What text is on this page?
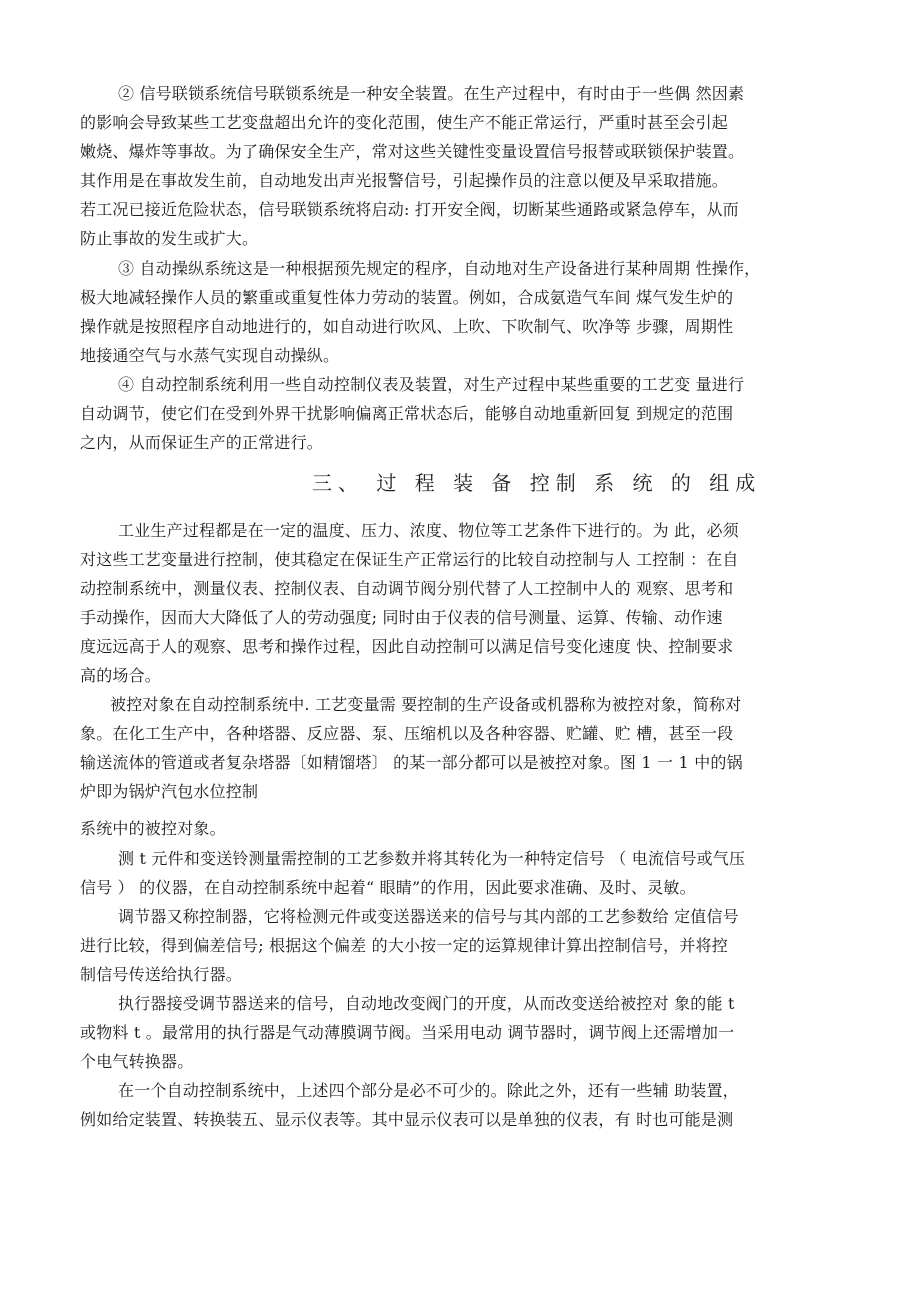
② 信号联锁系统信号联锁系统是一种安全装置。在生产过程中，有时由于一些偶 然因素
的影响会导致某些工艺变盘超出允许的变化范围，使生产不能正常运行，严重时甚至会引起
嫩烧、爆炸等事故。为了确保安全生产，常对这些关键性变量设置信号报替或联锁保护装置。
其作用是在事故发生前，自动地发出声光报警信号，引起操作员的注意以便及早采取措施。
若工况已接近危险状态，信号联锁系统将启动: 打开安全阀，切断某些通路或紧急停车，从而
防止事故的发生或扩大。
③ 自动操纵系统这是一种根据预先规定的程序，自动地对生产设备进行某种周期 性操作，
极大地减轻操作人员的繁重或重复性体力劳动的装置。例如，合成氨造气车间 煤气发生炉的
操作就是按照程序自动地进行的，如自动进行吹风、上吹、下吹制气、吹净等 步骤，周期性
地接通空气与水蒸气实现自动操纵。
④ 自动控制系统利用一些自动控制仪表及装置，对生产过程中某些重要的工艺变 量进行
自动调节，使它们在受到外界干扰影响偏离正常状态后，能够自动地重新回复 到规定的范围
之内，从而保证生产的正常进行。
三、 过 程 装 备 控制 系 统 的 组成
工业生产过程都是在一定的温度、压力、浓度、物位等工艺条件下进行的。为 此，必须
对这些工艺变量进行控制，使其稳定在保证生产正常运行的比较自动控制与人 工控制 ：在自
动控制系统中，测量仪表、控制仪表、自动调节阀分别代替了人工控制中人的 观察、思考和
手动操作，因而大大降低了人的劳动强度; 同时由于仪表的信号测量、运算、传输、动作速
度远远高于人的观察、思考和操作过程，因此自动控制可以满足信号变化速度 快、控制要求
高的场合。
被控对象在自动控制系统中. 工艺变量需 要控制的生产设备或机器称为被控对象，简称对
象。在化工生产中，各种塔器、反应器、泵、压缩机以及各种容器、贮罐、贮 槽，甚至一段
输送流体的管道或者复杂塔器〔如精馏塔〕 的某一部分都可以是被控对象。图 1 一 1 中的锅
炉即为锅炉汽包水位控制
系统中的被控对象。
测 t 元件和变送铃测量需控制的工艺参数并将其转化为一种特定信号 （ 电流信号或气压
信号 ） 的仪器，在自动控制系统中起着“ 眼睛”的作用，因此要求准确、及时、灵敏。
调节器又称控制器，它将检测元件或变送器送来的信号与其内部的工艺参数给 定值信号
进行比较，得到偏差信号; 根据这个偏差 的大小按一定的运算规律计算出控制信号，并将控
制信号传送给执行器。
执行器接受调节器送来的信号，自动地改变阀门的开度，从而改变送给被控对 象的能 t
或物料 t 。最常用的执行器是气动薄膜调节阀。当采用电动 调节器时，调节阀上还需增加一
个电气转换器。
在一个自动控制系统中，上述四个部分是必不可少的。除此之外，还有一些辅 助装置，
例如给定装置、转换装五、显示仪表等。其中显示仪表可以是单独的仪表，有 时也可能是测
